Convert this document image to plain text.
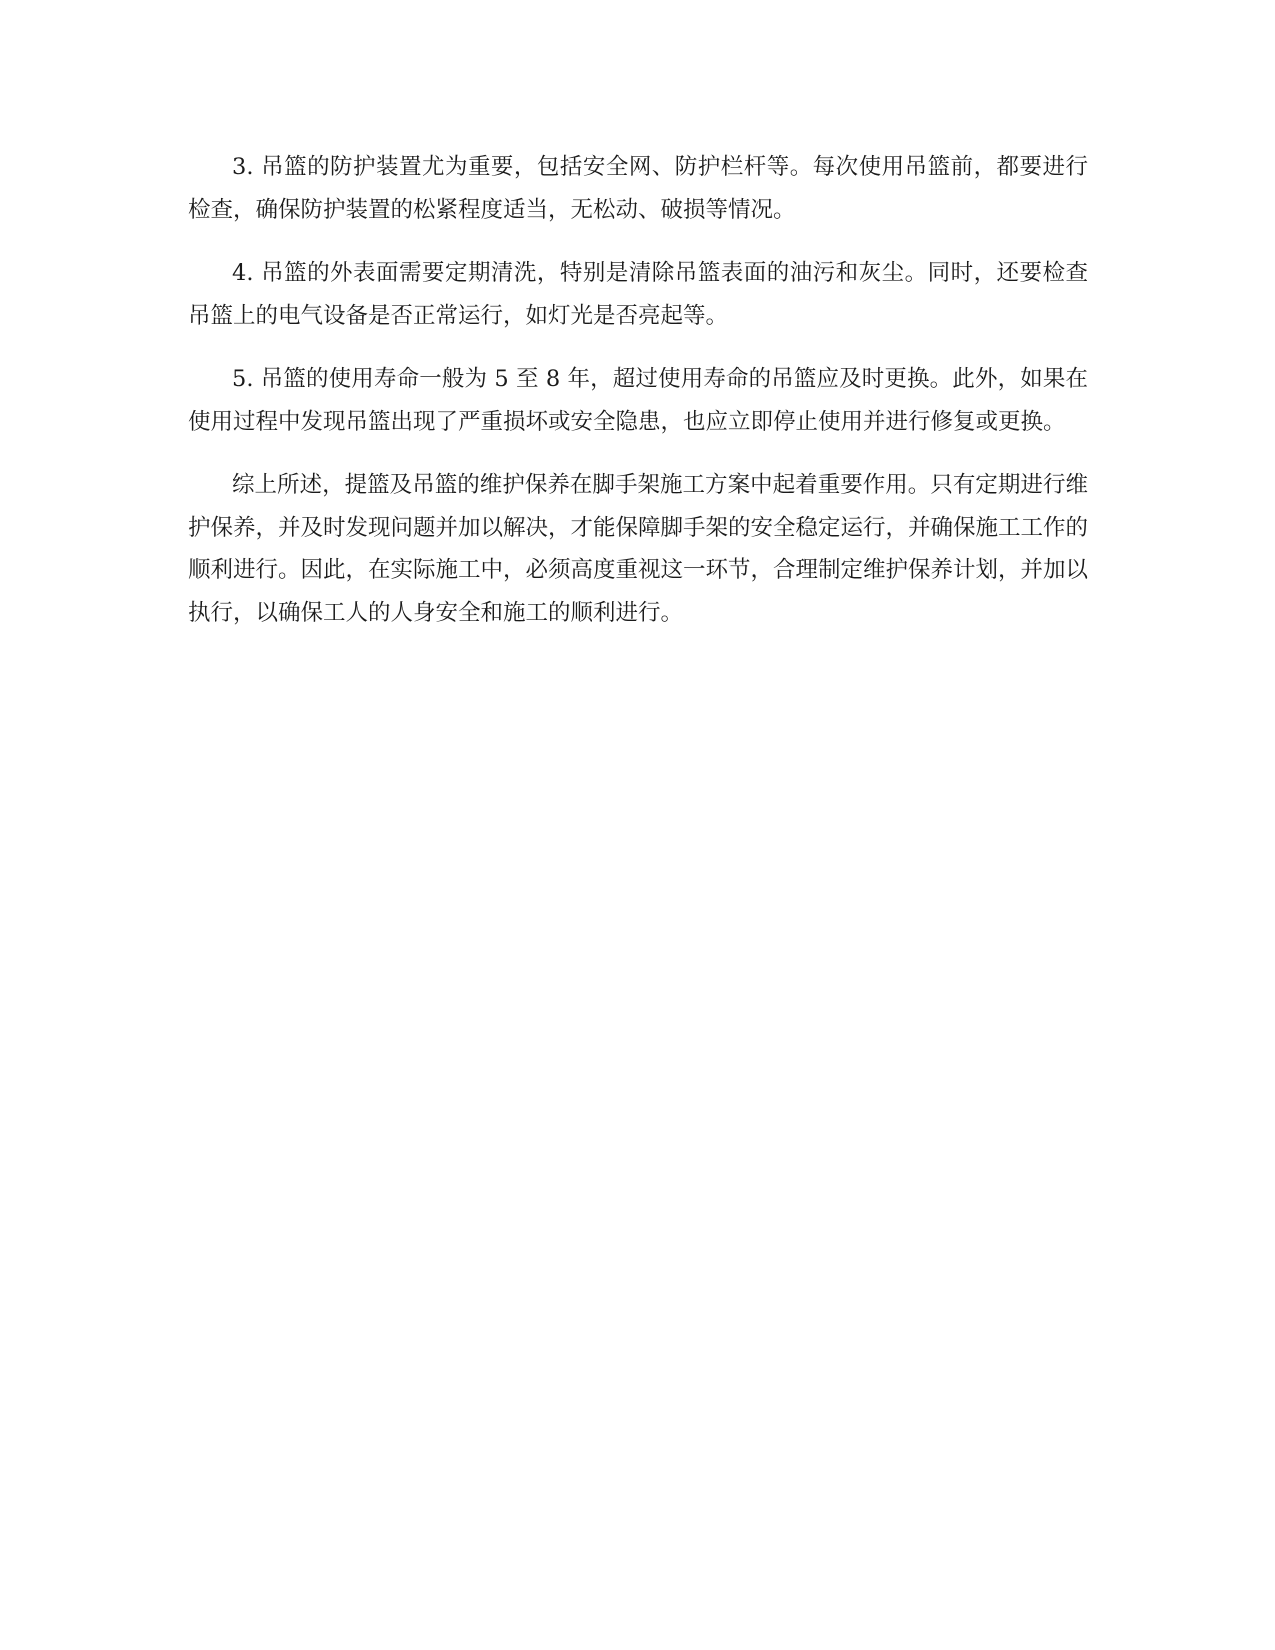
3. 吊篮的防护装置尤为重要，包括安全网、防护栏杆等。每次使用吊篮前，都要进行检查，确保防护装置的松紧程度适当，无松动、破损等情况。

4. 吊篮的外表面需要定期清洗，特别是清除吊篮表面的油污和灰尘。同时，还要检查吊篮上的电气设备是否正常运行，如灯光是否亮起等。

5. 吊篮的使用寿命一般为 5 至 8 年，超过使用寿命的吊篮应及时更换。此外，如果在使用过程中发现吊篮出现了严重损坏或安全隐患，也应立即停止使用并进行修复或更换。

综上所述，提篮及吊篮的维护保养在脚手架施工方案中起着重要作用。只有定期进行维护保养，并及时发现问题并加以解决，才能保障脚手架的安全稳定运行，并确保施工工作的顺利进行。因此，在实际施工中，必须高度重视这一环节，合理制定维护保养计划，并加以执行，以确保工人的人身安全和施工的顺利进行。
